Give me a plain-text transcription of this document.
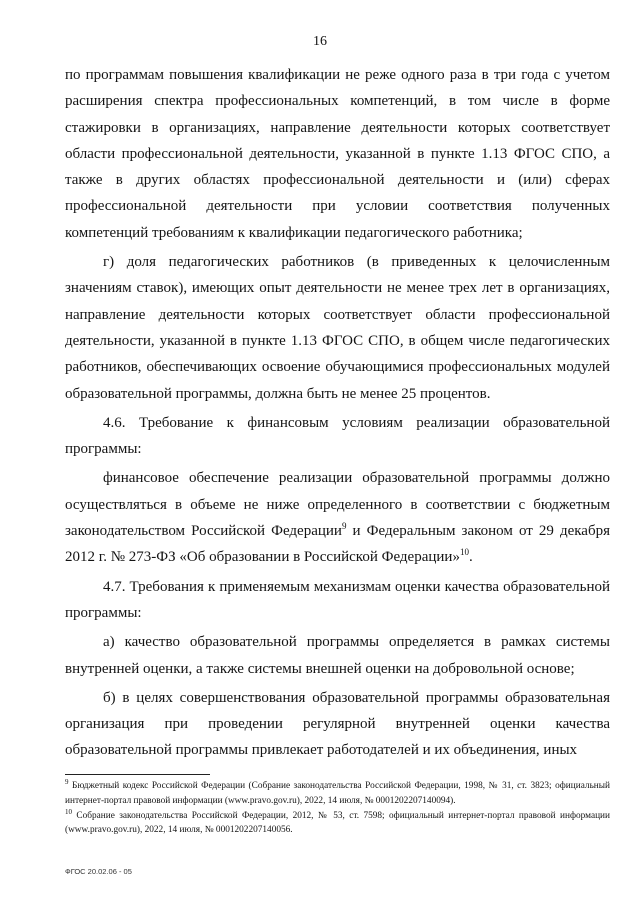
16

по программам повышения квалификации не реже одного раза в три года с учетом расширения спектра профессиональных компетенций, в том числе в форме стажировки в организациях, направление деятельности которых соответствует области профессиональной деятельности, указанной в пункте 1.13 ФГОС СПО, а также в других областях профессиональной деятельности и (или) сферах профессиональной деятельности при условии соответствия полученных компетенций требованиям к квалификации педагогического работника;

г) доля педагогических работников (в приведенных к целочисленным значениям ставок), имеющих опыт деятельности не менее трех лет в организациях, направление деятельности которых соответствует области профессиональной деятельности, указанной в пункте 1.13 ФГОС СПО, в общем числе педагогических работников, обеспечивающих освоение обучающимися профессиональных модулей образовательной программы, должна быть не менее 25 процентов.

4.6. Требование к финансовым условиям реализации образовательной программы:

финансовое обеспечение реализации образовательной программы должно осуществляться в объеме не ниже определенного в соответствии с бюджетным законодательством Российской Федерации$^9$ и Федеральным законом от 29 декабря 2012 г. № 273-ФЗ «Об образовании в Российской Федерации»$^{10}$.

4.7. Требования к применяемым механизмам оценки качества образовательной программы:

а) качество образовательной программы определяется в рамках системы внутренней оценки, а также системы внешней оценки на добровольной основе;

б) в целях совершенствования образовательной программы образовательная организация при проведении регулярной внутренней оценки качества образовательной программы привлекает работодателей и их объединения, иных

$^9$ Бюджетный кодекс Российской Федерации (Собрание законодательства Российской Федерации, 1998, № 31, ст. 3823; официальный интернет-портал правовой информации (www.pravo.gov.ru), 2022, 14 июля, № 0001202207140094).

$^{10}$ Собрание законодательства Российской Федерации, 2012, № 53, ст. 7598; официальный интернет-портал правовой информации (www.pravo.gov.ru), 2022, 14 июля, № 0001202207140056.

ФГОС 20.02.06 - 05
